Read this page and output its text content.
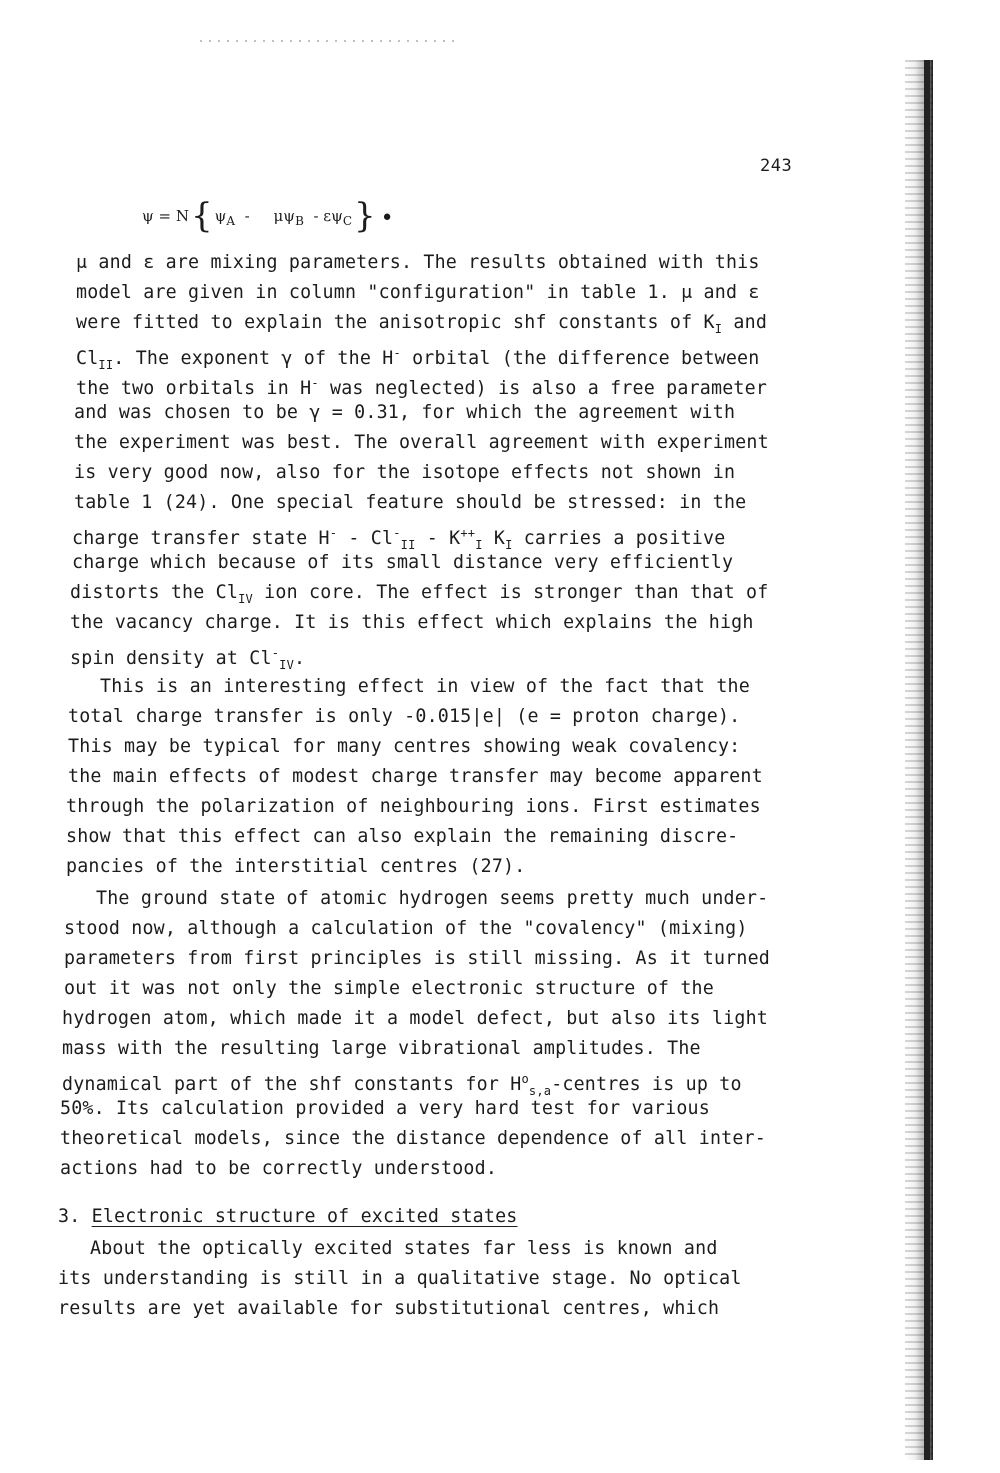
243
ψ = N{ $\psi_A - \mu\psi_B - \varepsilon\psi_C$} •
μ and ε are mixing parameters. The results obtained with this
model are given in column "configuration" in table 1. μ and ε
were fitted to explain the anisotropic shf constants of $K_I$ and
$Cl_{II}$. The exponent γ of the H- orbital (the difference between
the two orbitals in H- was neglected) is also a free parameter
and was chosen to be γ = 0.31, for which the agreement with
the experiment was best. The overall agreement with experiment
is very good now, also for the isotope effects not shown in
table 1 (24). One special feature should be stressed: in the
charge transfer state $H^- - Cl^-_{II} - K^{++}_I$ $K_I$ carries a positive
charge which because of its small distance very efficiently
distorts the $Cl_{IV}$ ion core. The effect is stronger than that of
the vacancy charge. It is this effect which explains the high
spin density at $Cl^-_{IV}$.
This is an interesting effect in view of the fact that the
total charge transfer is only -0.015|e| (e = proton charge).
This may be typical for many centres showing weak covalency:
the main effects of modest charge transfer may become apparent
through the polarization of neighbouring ions. First estimates
show that this effect can also explain the remaining discre-
pancies of the interstitial centres (27).
The ground state of atomic hydrogen seems pretty much under-
stood now, although a calculation of the "covalency" (mixing)
parameters from first principles is still missing. As it turned
out it was not only the simple electronic structure of the
hydrogen atom, which made it a model defect, but also its light
mass with the resulting large vibrational amplitudes. The
dynamical part of the shf constants for $H^o_{s,a}$-centres is up to
50%. Its calculation provided a very hard test for various
theoretical models, since the distance dependence of all inter-
actions had to be correctly understood.
3. Electronic structure of excited states
About the optically excited states far less is known and
its understanding is still in a qualitative stage. No optical
results are yet available for substitutional centres, which
